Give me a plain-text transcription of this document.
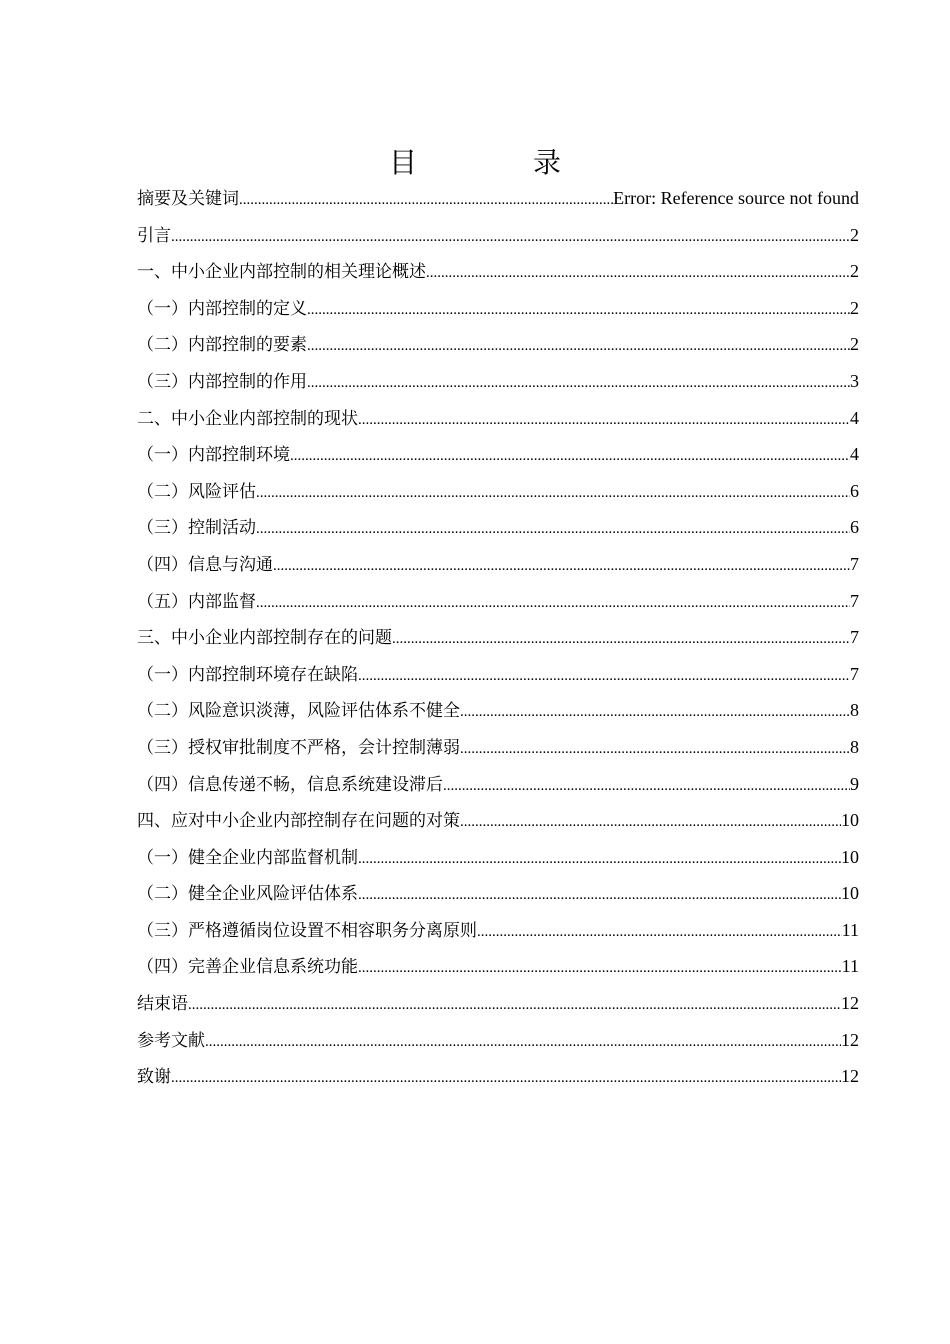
目　录
摘要及关键词 .....	Error: Reference source not found
引言 .....	2
一、中小企业内部控制的相关理论概述 .....	2
（一）内部控制的定义 .....	2
（二）内部控制的要素 .....	2
（三）内部控制的作用 .....	3
二、中小企业内部控制的现状 .....	4
（一）内部控制环境 .....	4
（二）风险评估 .....	6
（三）控制活动 .....	6
（四）信息与沟通 .....	7
（五）内部监督 .....	7
三、中小企业内部控制存在的问题 .....	7
（一）内部控制环境存在缺陷 .....	7
（二）风险意识淡薄，风险评估体系不健全 .....	8
（三）授权审批制度不严格，会计控制薄弱 .....	8
（四）信息传递不畅，信息系统建设滞后 .....	9
四、应对中小企业内部控制存在问题的对策 .....	10
（一）健全企业内部监督机制 .....	10
（二）健全企业风险评估体系 .....	10
（三）严格遵循岗位设置不相容职务分离原则 .....	11
（四）完善企业信息系统功能 .....	11
结束语 .....	12
参考文献 .....	12
致谢 .....	12
